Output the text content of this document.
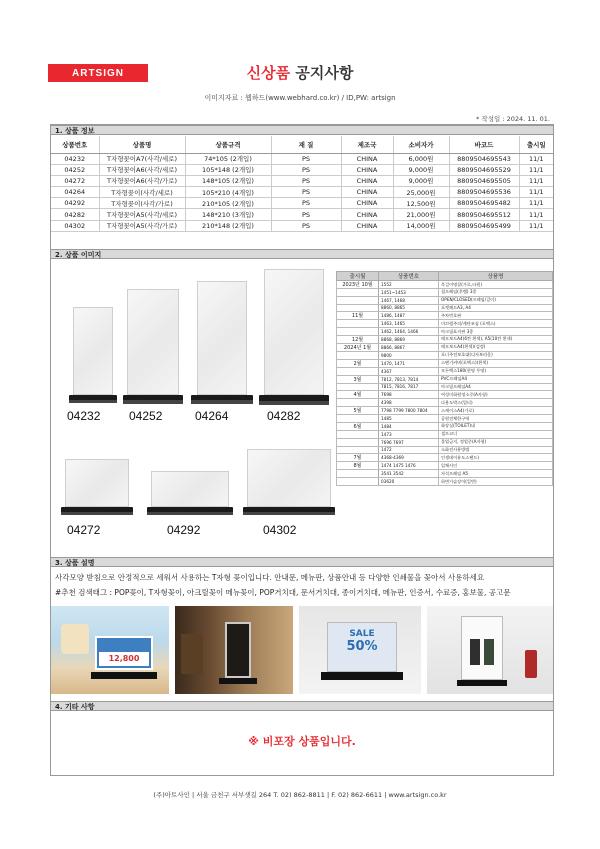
ARTSIGN	신상품 공지사항
이미지자료 : 웹하드(www.webhard.co.kr) / ID,PW: artsign
* 작성일 : 2024. 11. 01.
1. 상품 정보
상품번호	상품명	상품규격	재 질	제조국	소비자가	바코드	출시일
04232	T자형꽂이A7(사각/세로)	74*105 (2개입)	PS	CHINA	6,000원	8809504695543	11/1
04252	T자형꽂이A6(사각/세로)	105*148 (2개입)	PS	CHINA	9,000원	8809504695529	11/1
04272	T자형꽂이A6(사각/가로)	148*105 (2개입)	PS	CHINA	9,000원	8809504695505	11/1
04264	T자형꽂이(사각/세로)	105*210 (4개입)	PS	CHINA	25,000원	8809504695536	11/1
04292	T자형꽂이(사각/가로)	210*105 (2개입)	PS	CHINA	12,500원	8809504695482	11/1
04282	T자형꽂이A5(사각/세로)	148*210 (3개입)	PS	CHINA	21,000원	8809504695512	11/1
04302	T자형꽂이A5(사각/가로)	210*148 (2개입)	PS	CHINA	14,000원	8809504695499	11/1
2. 상품 이미지
04232 04252	04264	04282
04272	04292	04302
출시월	상품번호	상품명
2023년 10월	1552	목걸이명찰(가로,타원)
	1451~1453	철프레임(후렘) 3종
	1467, 1468	OPEN/CLOSED(프레임/걸이)
	8860, 8865	포켓패드A3, A4
11월	1486, 1487	주차번호판
	1463, 1465	미끄럼주의/계단조심 (포맥스)
	1462, 1464, 1466	아크릴표지판 3종
12월	8868, 8869	메모보드A4(6칸 흰색), A5(10칸 흰색)
2024년 1월	8866, 8867	메모보드A4(흰색)(검정)
	9800	포너주전보호대(디자보라운)
2월	1470, 1471	스탠기커버(포맥스)(흰색)
	4367	모든백스180(현명 투명)
3월	7812, 7813, 7814	PVC프레임A4
	7815, 7816, 7817	아크릴프레임A4
4월	7698	여성미화원정소중(A자형)
	4398	다용도박스(멀티)
5월	7798 7799 7800 7804	스케이스A4(가로)
	1485	공원전체한구역
6월	1484	화장실(TOILET)네
	1473	셀프코너
	7696 7697	물업금지, 정업중(A자형)
	1472	소화전사용방법
7월	4368-4369	인생데이유도스탠드)
8월	1474 1475 1476	입체사인
	3541 3542	자석프레임 A5
	03620	하변가습장이(일반)
3. 상품 설명
사각모양 받침으로 안정적으로 세워서 사용하는 T자형 꽂이입니다. 안내문, 메뉴판, 상품안내 등 다양한 인쇄물을 꽂아서 사용하세요
#추천 검색태그 : POP꽂이, T자형꽂이, 아크릴꽂이 메뉴꽂이, POP거치대, 문서거치대, 종이거치대, 메뉴판, 인증서, 수료증, 홍보물, 공고문
12,800
SALE
50%
4. 기타 사항
※ 비포장 상품입니다.
(주)아트사인 | 서울 금천구 서부샛길 264 T. 02) 862-8811 | F. 02) 862-6611 | www.artsign.co.kr
